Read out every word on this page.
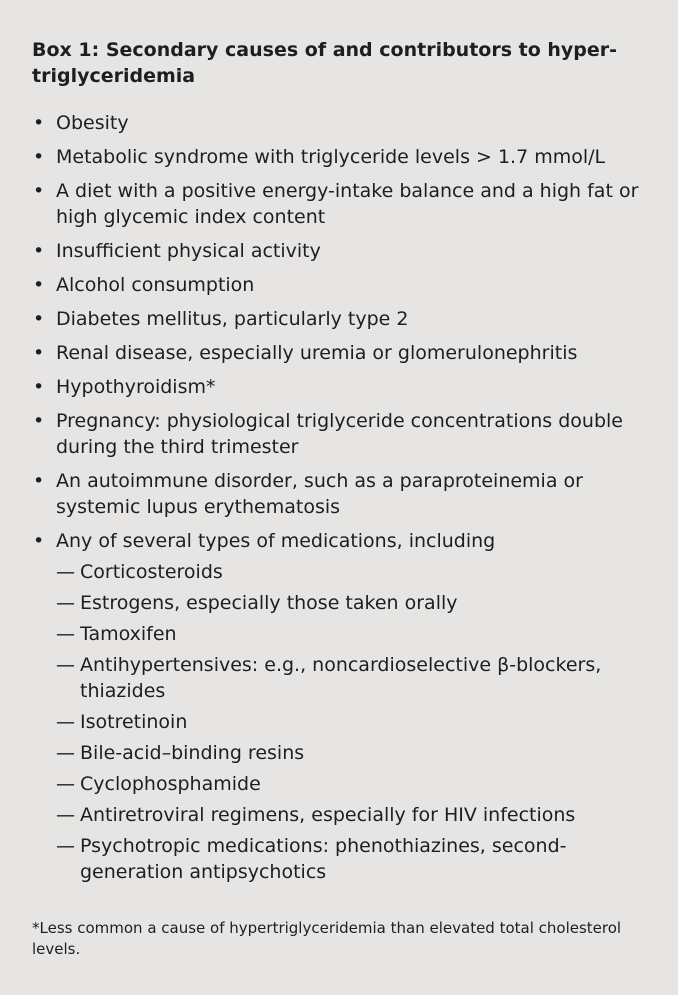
Box 1: Secondary causes of and contributors to hyper-triglyceridemia
• Obesity
• Metabolic syndrome with triglyceride levels > 1.7 mmol/L
• A diet with a positive energy-intake balance and a high fat or high glycemic index content
• Insufficient physical activity
• Alcohol consumption
• Diabetes mellitus, particularly type 2
• Renal disease, especially uremia or glomerulonephritis
• Hypothyroidism*
• Pregnancy: physiological triglyceride concentrations double during the third trimester
• An autoimmune disorder, such as a paraproteinemia or systemic lupus erythematosis
• Any of several types of medications, including
— Corticosteroids
— Estrogens, especially those taken orally
— Tamoxifen
— Antihypertensives: e.g., noncardioselective β-blockers, thiazides
— Isotretinoin
— Bile-acid–binding resins
— Cyclophosphamide
— Antiretroviral regimens, especially for HIV infections
— Psychotropic medications: phenothiazines, second-generation antipsychotics

*Less common a cause of hypertriglyceridemia than elevated total cholesterol levels.
